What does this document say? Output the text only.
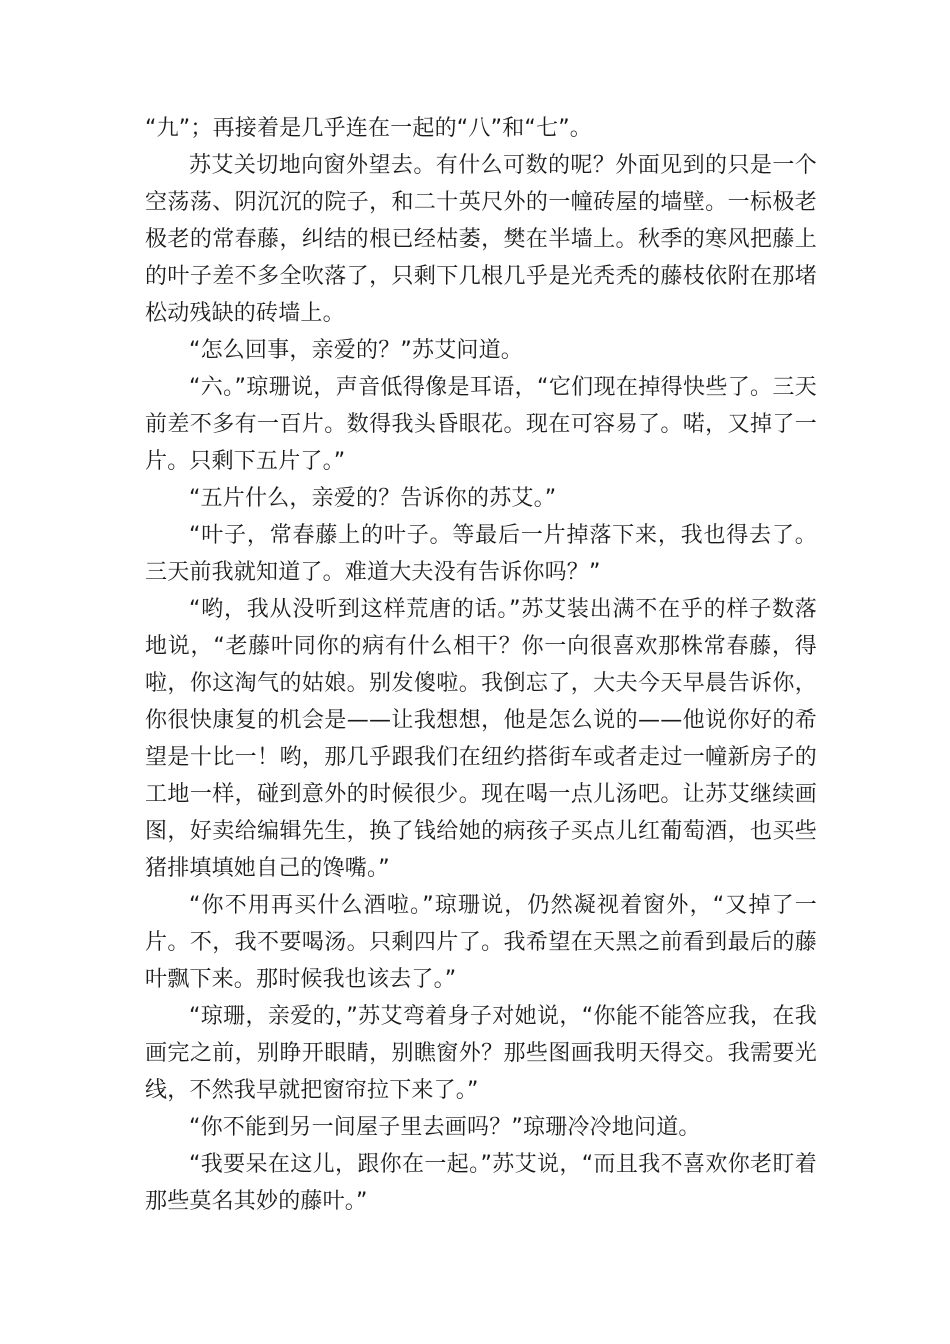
“九”；再接着是几乎连在一起的“八”和“七”。

苏艾关切地向窗外望去。有什么可数的呢？外面见到的只是一个空荡荡、阴沉沉的院子，和二十英尺外的一幢砖屋的墙壁。一标极老极老的常春藤，纠结的根已经枯萎，樊在半墙上。秋季的寒风把藤上的叶子差不多全吹落了，只剩下几根几乎是光秃秃的藤枝依附在那堵松动残缺的砖墙上。

“怎么回事，亲爱的？”苏艾问道。

“六。”琼珊说，声音低得像是耳语，“它们现在掉得快些了。三天前差不多有一百片。数得我头昏眼花。现在可容易了。喏，又掉了一片。只剩下五片了。”

“五片什么，亲爱的？告诉你的苏艾。”

“叶子，常春藤上的叶子。等最后一片掉落下来，我也得去了。三天前我就知道了。难道大夫没有告诉你吗？”

“哟，我从没听到这样荒唐的话。”苏艾装出满不在乎的样子数落地说，“老藤叶同你的病有什么相干？你一向很喜欢那株常春藤，得啦，你这淘气的姑娘。别发傻啦。我倒忘了，大夫今天早晨告诉你，你很快康复的机会是——让我想想，他是怎么说的——他说你好的希望是十比一！哟，那几乎跟我们在纽约搭街车或者走过一幢新房子的工地一样，碰到意外的时候很少。现在喝一点儿汤吧。让苏艾继续画图，好卖给编辑先生，换了钱给她的病孩子买点儿红葡萄酒，也买些猪排填填她自己的馋嘴。”

“你不用再买什么酒啦。”琼珊说，仍然凝视着窗外，“又掉了一片。不，我不要喝汤。只剩四片了。我希望在天黑之前看到最后的藤叶飘下来。那时候我也该去了。”

“琼珊，亲爱的，”苏艾弯着身子对她说，“你能不能答应我，在我画完之前，别睁开眼睛，别瞧窗外？那些图画我明天得交。我需要光线，不然我早就把窗帘拉下来了。”

“你不能到另一间屋子里去画吗？”琼珊冷冷地问道。

“我要呆在这儿，跟你在一起。”苏艾说，“而且我不喜欢你老盯着那些莫名其妙的藤叶。”
